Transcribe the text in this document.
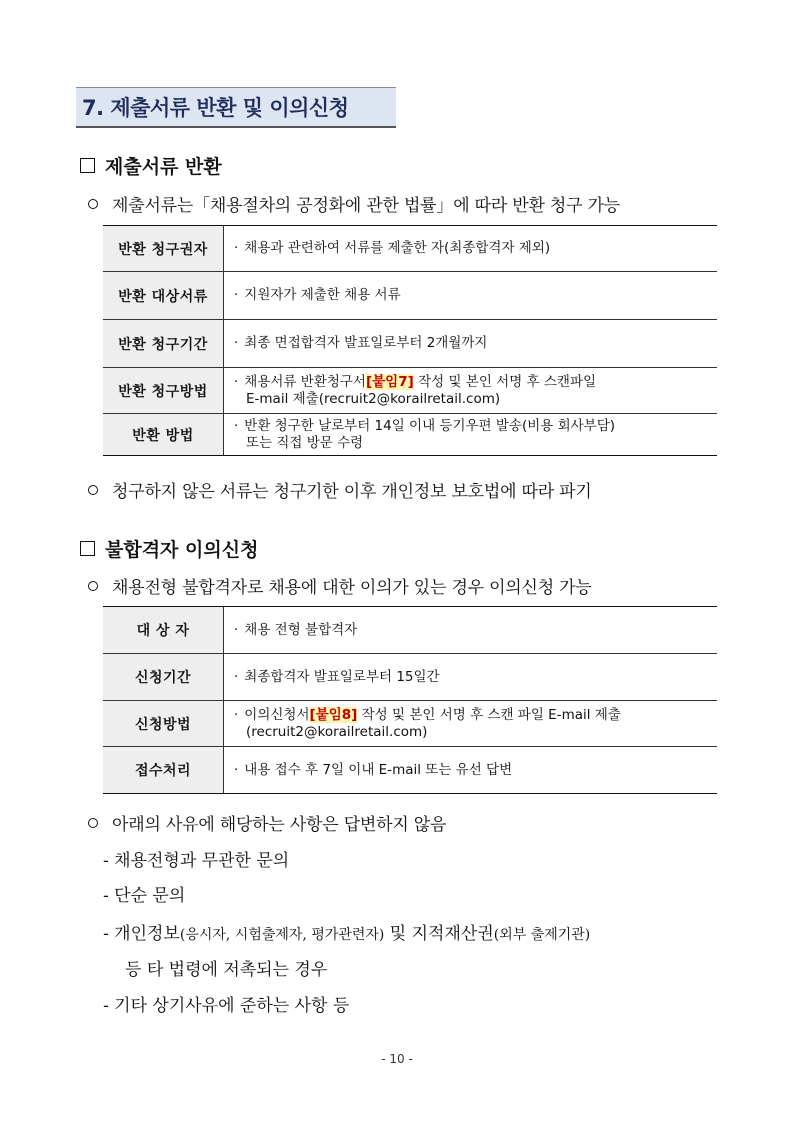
7. 제출서류 반환 및 이의신청
제출서류 반환
제출서류는「채용절차의 공정화에 관한 법률」에 따라 반환 청구 가능
반환 청구권자	· 채용과 관련하여 서류를 제출한 자(최종합격자 제외)
반환 대상서류	· 지원자가 제출한 채용 서류
반환 청구기간	· 최종 면접합격자 발표일로부터 2개월까지
반환 청구방법	· 채용서류 반환청구서[붙임7] 작성 및 본인 서명 후 스캔파일
E-mail 제출(recruit2@korailretail.com)

반환 방법	· 반환 청구한 날로부터 14일 이내 등기우편 발송(비용 회사부담)
또는 직접 방문 수령
청구하지 않은 서류는 청구기한 이후 개인정보 보호법에 따라 파기
불합격자 이의신청
채용전형 불합격자로 채용에 대한 이의가 있는 경우 이의신청 가능
대 상 자	· 채용 전형 불합격자
신청기간	· 최종합격자 발표일로부터 15일간
신청방법	· 이의신청서[붙임8] 작성 및 본인 서명 후 스캔 파일 E-mail 제출
(recruit2@korailretail.com)

접수처리	· 내용 접수 후 7일 이내 E-mail 또는 유선 답변
아래의 사유에 해당하는 사항은 답변하지 않음
- 채용전형과 무관한 문의
- 단순 문의
- 개인정보(응시자, 시험출제자, 평가관련자) 및 지적재산권(외부 출제기관)
등 타 법령에 저촉되는 경우
- 기타 상기사유에 준하는 사항 등
- 10 -
